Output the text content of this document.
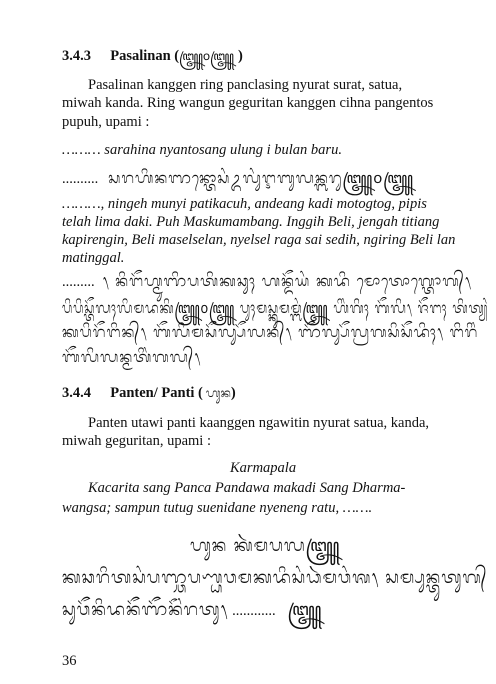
3.4.3 Pasalinan (꧅꧐꧅ )
Pasalinan kanggen ring panclasing nyurat surat, satua,
miwah kanda. Ring wangun geguritan kanggen cihna pangentos
pupuh, upami :
……… sarahina nyantosang ulung i bulan baru.
.......... ᬲᬭᬳᬶᬦᬜᬦ᭄ᬢᭀᬲᬂᬉᬮᬸᬂᬇᬩᬸᬮᬦ᭄ᬩᬭᬸ꧅꧐꧅
………, ningeh munyi patikacuh, andeang kadi motogtog, pipis
telah lima daki. Puh Maskumambang. Inggih Beli, jengah titiang
kapirengin, Beli maselselan, nyelsel raga sai sedih, ngiring Beli lan
matinggal.
......... ᭞ ᬦᬶᬗᭂᬳ᭄ᬫᬸᬜᬶᬧᬢᬶᬓᬘᬸᬄ ᬳᬦ᭄ᬤᭂᬬᬂ ᬓᬤᬶ ᬫᭀᬢᭀᬕ᭄ᬢᭀᬕ᭄᭞
ᬧᬶᬧᬶᬲ᭄ᬢᭂᬮᬄᬮᬶᬫᬤᬓᬶ꧅꧐꧅ ᬧᬸᬄᬫᬲ᭄ᬓᬸᬫᬫ᭄ᬩᬂ꧅ ᬳᬶᬂᬕᬶᬄ ᬩᭂᬮᬶ᭞ ᬚᭂᬗᬄ ᬢᬶᬢ᭄ᬬᬂ
ᬓᬧᬶᬭᭂᬗᬶᬦ᭄᭞ ᬩᭂᬮᬶᬫᬲᭂᬮ᭄ᬲᭂᬮᬦ᭄᭞ ᬜᭂᬮ᭄ᬲᭂᬮ᭄ᬭᬕᬲᬶᬲᭂᬤᬶᬄ᭞ ᬗᬶᬭᬶᬂ
ᬩᭂᬮᬶᬮᬦ᭄ᬫᬢᬶᬂᬕᬮ᭄᭞
3.4.4 Panten/ Panti ( ᬳᬸᬦ)
Panten utawi panti kaanggen ngawitin nyurat satua, kanda,
miwah geguritan, upami :
Karmapala
Kacarita sang Panca Pandawa makadi Sang Dharma-
wangsa; sampun tutug suenidane nyeneng ratu, …….
ᬳᬸᬦ ᬓᬃᬫᬧᬮ꧅
ᬓᬘᬭᬶᬢᬲᬂᬧᬜ᭄ᬘᬧᬡ᭄ᬟᬯᬫᬓᬤᬶᬲᬂᬥᬃᬫᬯᬂᬰ᭞ ᬲᬫ᭄ᬧᬸᬦ᭄ᬢᬸᬢᬸᬕ᭄
ᬲᬸᬯᭂᬦᬶᬤᬦᭂᬜᭂᬦᭂᬂᬭᬢᬸ᭞ ............ ꧅
36
